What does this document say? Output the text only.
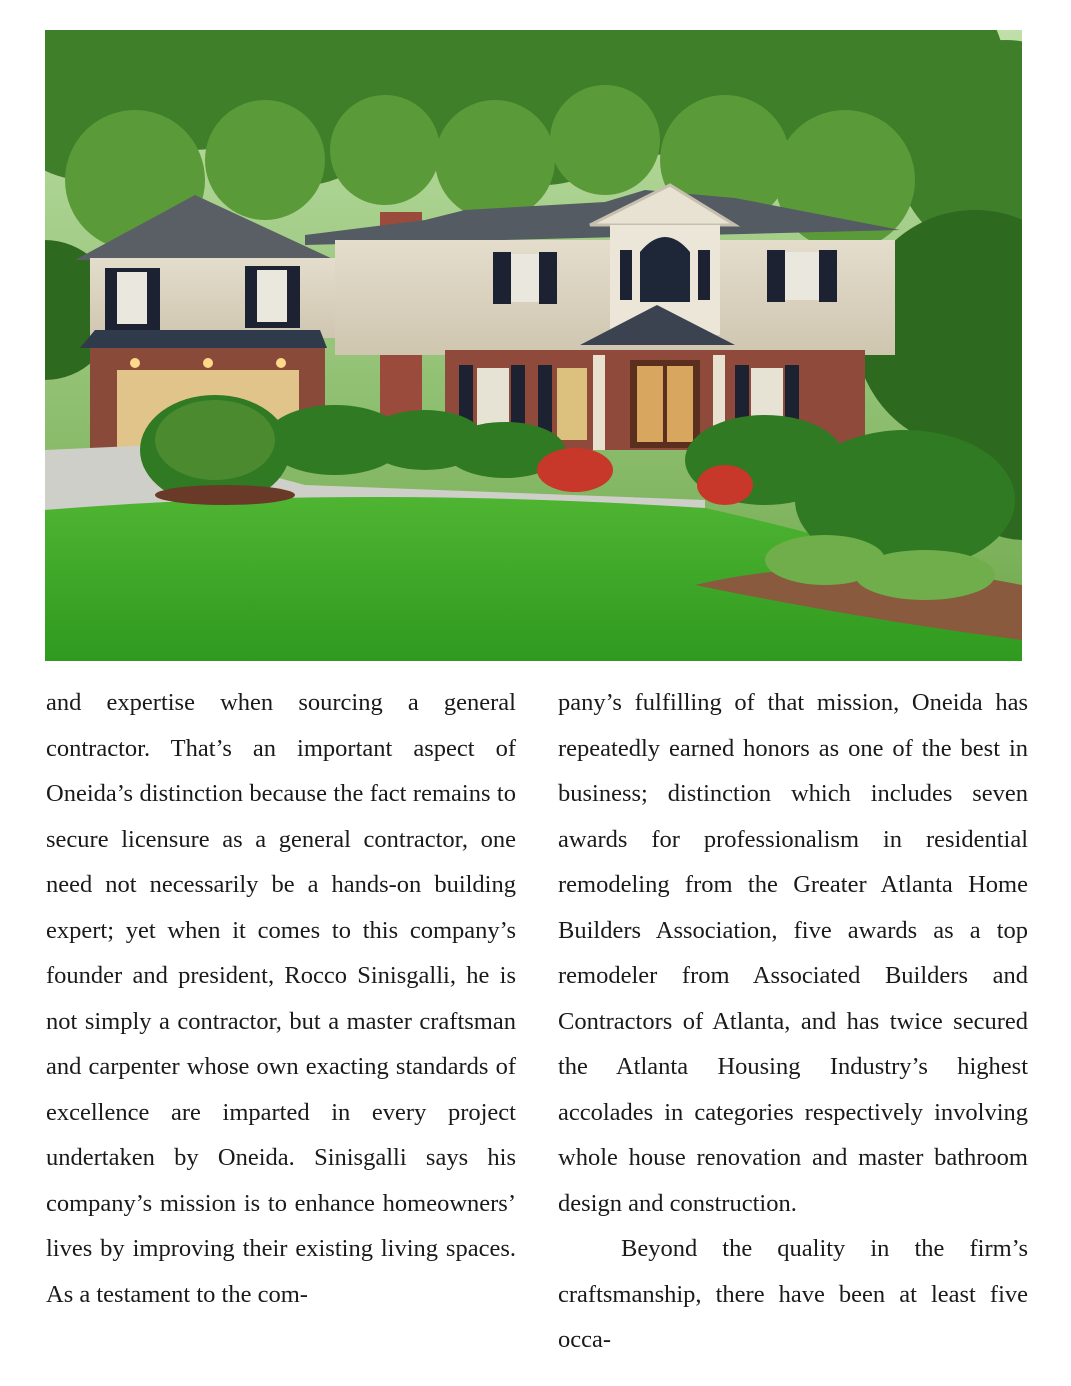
and expertise when sourcing a general contractor. That’s an important aspect of Oneida’s distinction because the fact remains to secure licensure as a general contractor, one need not necessarily be a hands-on building expert; yet when it comes to this company’s founder and president, Rocco Sinisgalli, he is not simply a contractor, but a master craftsman and carpenter whose own exacting standards of excellence are imparted in every project undertaken by Oneida. Sinisgalli says his company’s mission is to enhance homeowners’ lives by improving their existing living spaces. As a testament to the com-

pany’s fulfilling of that mission, Oneida has repeatedly earned honors as one of the best in business; distinction which includes seven awards for professionalism in residential remodeling from the Greater Atlanta Home Builders Association, five awards as a top remodeler from Associated Builders and Contractors of Atlanta, and has twice secured the Atlanta Housing Industry’s highest accolades in categories respectively involving whole house renovation and master bathroom design and construction.

Beyond the quality in the firm’s craftsmanship, there have been at least five occa-
